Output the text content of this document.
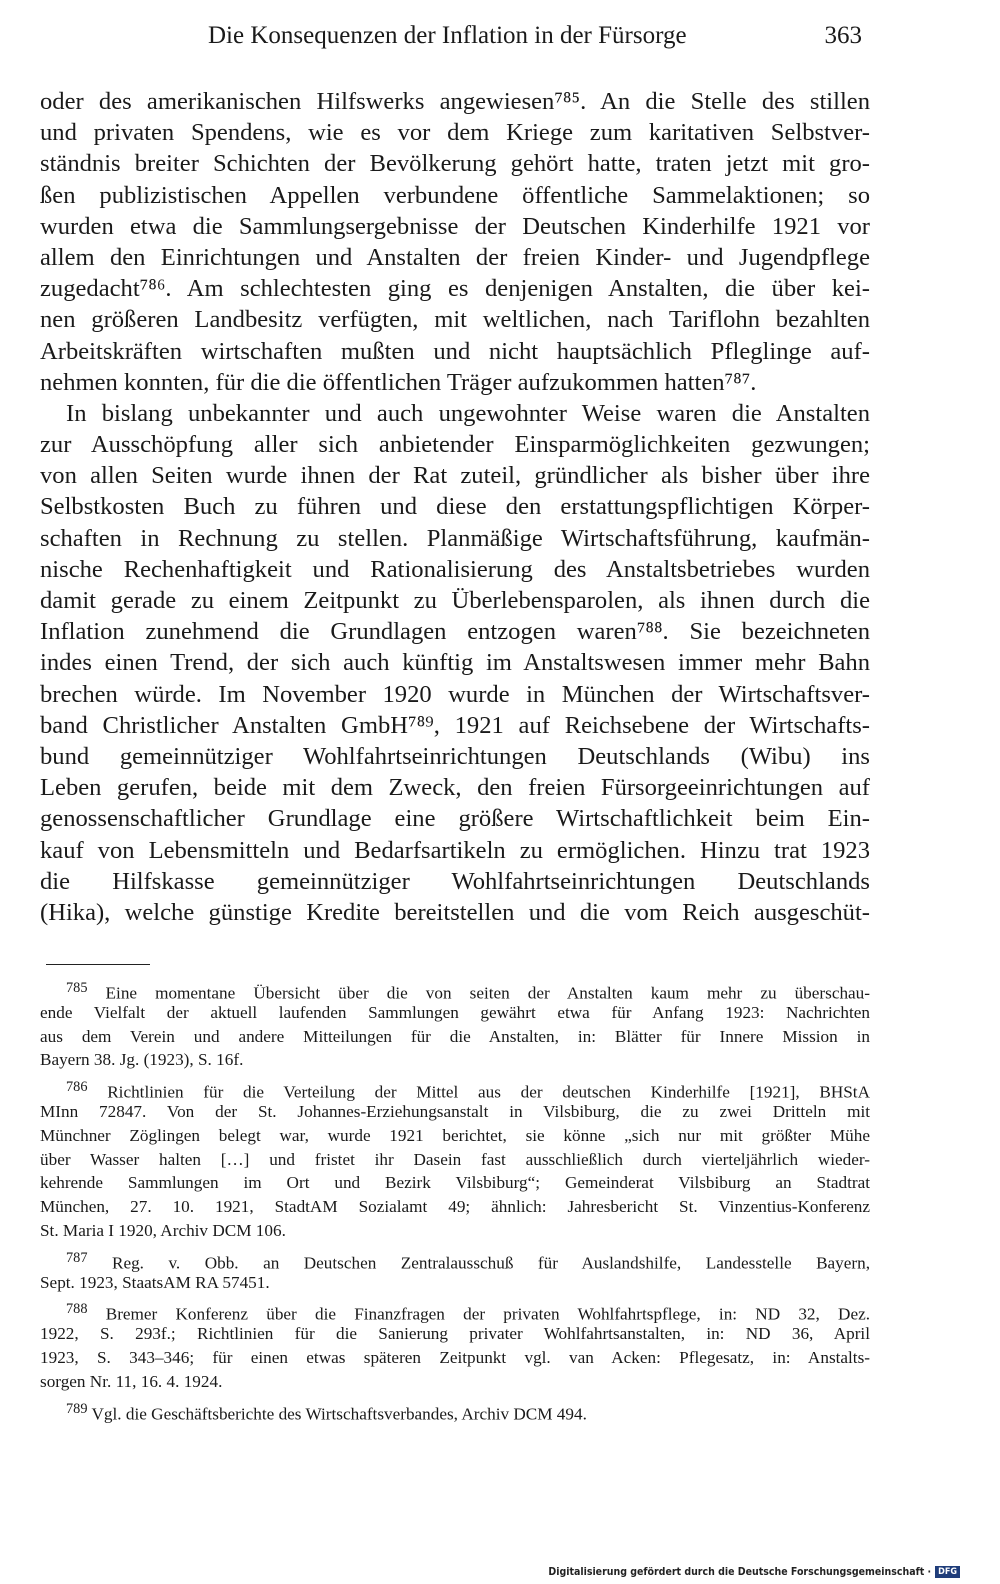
Die Konsequenzen der Inflation in der Fürsorge	363
oder des amerikanischen Hilfswerks angewiesen⁷⁸⁵. An die Stelle des stillen
und privaten Spendens, wie es vor dem Kriege zum karitativen Selbstver-
ständnis breiter Schichten der Bevölkerung gehört hatte, traten jetzt mit gro-
ßen publizistischen Appellen verbundene öffentliche Sammelaktionen; so
wurden etwa die Sammlungsergebnisse der Deutschen Kinderhilfe 1921 vor
allem den Einrichtungen und Anstalten der freien Kinder- und Jugendpflege
zugedacht⁷⁸⁶. Am schlechtesten ging es denjenigen Anstalten, die über kei-
nen größeren Landbesitz verfügten, mit weltlichen, nach Tariflohn bezahlten
Arbeitskräften wirtschaften mußten und nicht hauptsächlich Pfleglinge auf-
nehmen konnten, für die die öffentlichen Träger aufzukommen hatten⁷⁸⁷.
In bislang unbekannter und auch ungewohnter Weise waren die Anstalten
zur Ausschöpfung aller sich anbietender Einsparmöglichkeiten gezwungen;
von allen Seiten wurde ihnen der Rat zuteil, gründlicher als bisher über ihre
Selbstkosten Buch zu führen und diese den erstattungspflichtigen Körper-
schaften in Rechnung zu stellen. Planmäßige Wirtschaftsführung, kaufmän-
nische Rechenhaftigkeit und Rationalisierung des Anstaltsbetriebes wurden
damit gerade zu einem Zeitpunkt zu Überlebensparolen, als ihnen durch die
Inflation zunehmend die Grundlagen entzogen waren⁷⁸⁸. Sie bezeichneten
indes einen Trend, der sich auch künftig im Anstaltswesen immer mehr Bahn
brechen würde. Im November 1920 wurde in München der Wirtschaftsver-
band Christlicher Anstalten GmbH⁷⁸⁹, 1921 auf Reichsebene der Wirtschafts-
bund gemeinnütziger Wohlfahrtseinrichtungen Deutschlands (Wibu) ins
Leben gerufen, beide mit dem Zweck, den freien Fürsorgeeinrichtungen auf
genossenschaftlicher Grundlage eine größere Wirtschaftlichkeit beim Ein-
kauf von Lebensmitteln und Bedarfsartikeln zu ermöglichen. Hinzu trat 1923
die Hilfskasse gemeinnütziger Wohlfahrtseinrichtungen Deutschlands
(Hika), welche günstige Kredite bereitstellen und die vom Reich ausgeschüt-
$^{785}$ Eine momentane Übersicht über die von seiten der Anstalten kaum mehr zu überschau-
ende Vielfalt der aktuell laufenden Sammlungen gewährt etwa für Anfang 1923: Nachrichten
aus dem Verein und andere Mitteilungen für die Anstalten, in: Blätter für Innere Mission in
Bayern 38. Jg. (1923), S. 16f.
$^{786}$ Richtlinien für die Verteilung der Mittel aus der deutschen Kinderhilfe [1921], BHStA
MInn 72847. Von der St. Johannes-Erziehungsanstalt in Vilsbiburg, die zu zwei Dritteln mit
Münchner Zöglingen belegt war, wurde 1921 berichtet, sie könne „sich nur mit größter Mühe
über Wasser halten […] und fristet ihr Dasein fast ausschließlich durch vierteljährlich wieder-
kehrende Sammlungen im Ort und Bezirk Vilsbiburg“; Gemeinderat Vilsbiburg an Stadtrat
München, 27. 10. 1921, StadtAM Sozialamt 49; ähnlich: Jahresbericht St. Vinzentius-Konferenz
St. Maria I 1920, Archiv DCM 106.
$^{787}$ Reg. v. Obb. an Deutschen Zentralausschuß für Auslandshilfe, Landesstelle Bayern,
Sept. 1923, StaatsAM RA 57451.
$^{788}$ Bremer Konferenz über die Finanzfragen der privaten Wohlfahrtspflege, in: ND 32, Dez.
1922, S. 293f.; Richtlinien für die Sanierung privater Wohlfahrtsanstalten, in: ND 36, April
1923, S. 343–346; für einen etwas späteren Zeitpunkt vgl. van Acken: Pflegesatz, in: Anstalts-
sorgen Nr. 11, 16. 4. 1924.
$^{789}$ Vgl. die Geschäftsberichte des Wirtschaftsverbandes, Archiv DCM 494.
Digitalisierung gefördert durch die Deutsche Forschungsgemeinschaft · DFG
